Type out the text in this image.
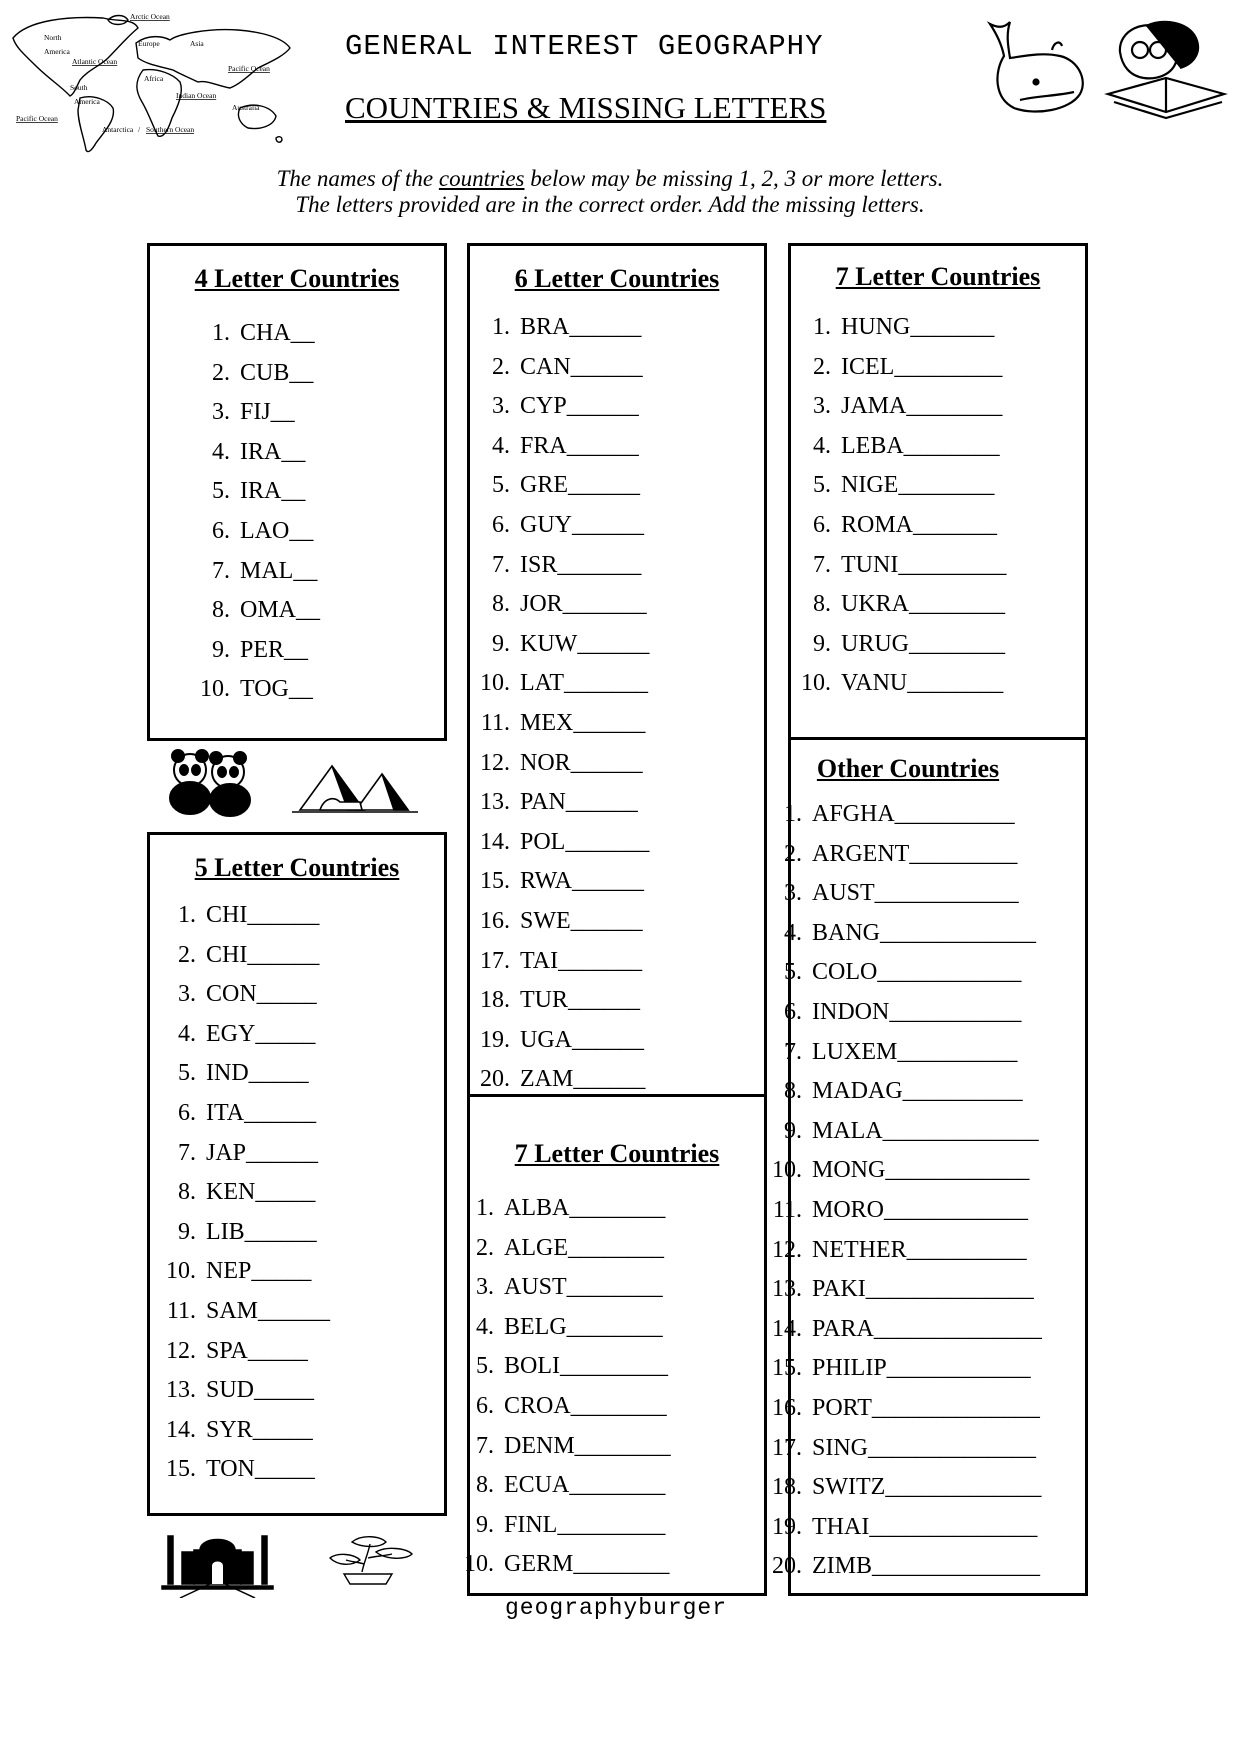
Arctic Ocean
North
America
Europe	Asia
Atlantic Ocean
Pacific Ocean
Africa
South
America
Indian Ocean
Australia
Pacific Ocean
Antarctica / Southern Ocean
GENERAL INTEREST GEOGRAPHY
COUNTRIES & MISSING LETTERS
The names of the countries below may be missing 1, 2, 3 or more letters.
The letters provided are in the correct order. Add the missing letters.
4 Letter Countries
1. CHA__
2. CUB__
3. FIJ__
4. IRA__
5. IRA__
6. LAO__
7. MAL__
8. OMA__
9. PER__
10. TOG__
5 Letter Countries
1. CHI______
2. CHI______
3. CON_____
4. EGY_____
5. IND_____
6. ITA______
7. JAP______
8. KEN_____
9. LIB______
10. NEP_____
11. SAM______
12. SPA_____
13. SUD_____
14. SYR_____
15. TON_____
6 Letter Countries
1. BRA______
2. CAN______
3. CYP______
4. FRA______
5. GRE______
6. GUY______
7. ISR_______
8. JOR_______
9. KUW______
10. LAT_______
11. MEX______
12. NOR______
13. PAN______
14. POL_______
15. RWA______
16. SWE______
17. TAI_______
18. TUR______
19. UGA______
20. ZAM______
7 Letter Countries
1. ALBA________
2. ALGE________
3. AUST________
4. BELG________
5. BOLI_________
6. CROA________
7. DENM________
8. ECUA________
9. FINL_________
10. GERM________
7 Letter Countries
1. HUNG_______
2. ICEL_________
3. JAMA________
4. LEBA________
5. NIGE________
6. ROMA_______
7. TUNI_________
8. UKRA________
9. URUG________
10. VANU________
Other Countries
1. AFGHA__________
2. ARGENT_________
3. AUST____________
4. BANG_____________
5. COLO____________
6. INDON___________
7. LUXEM__________
8. MADAG__________
9. MALA_____________
10. MONG____________
11. MORO____________
12. NETHER__________
13. PAKI______________
14. PARA______________
15. PHILIP____________
16. PORT______________
17. SING______________
18. SWITZ_____________
19. THAI______________
20. ZIMB______________
geographyburger
